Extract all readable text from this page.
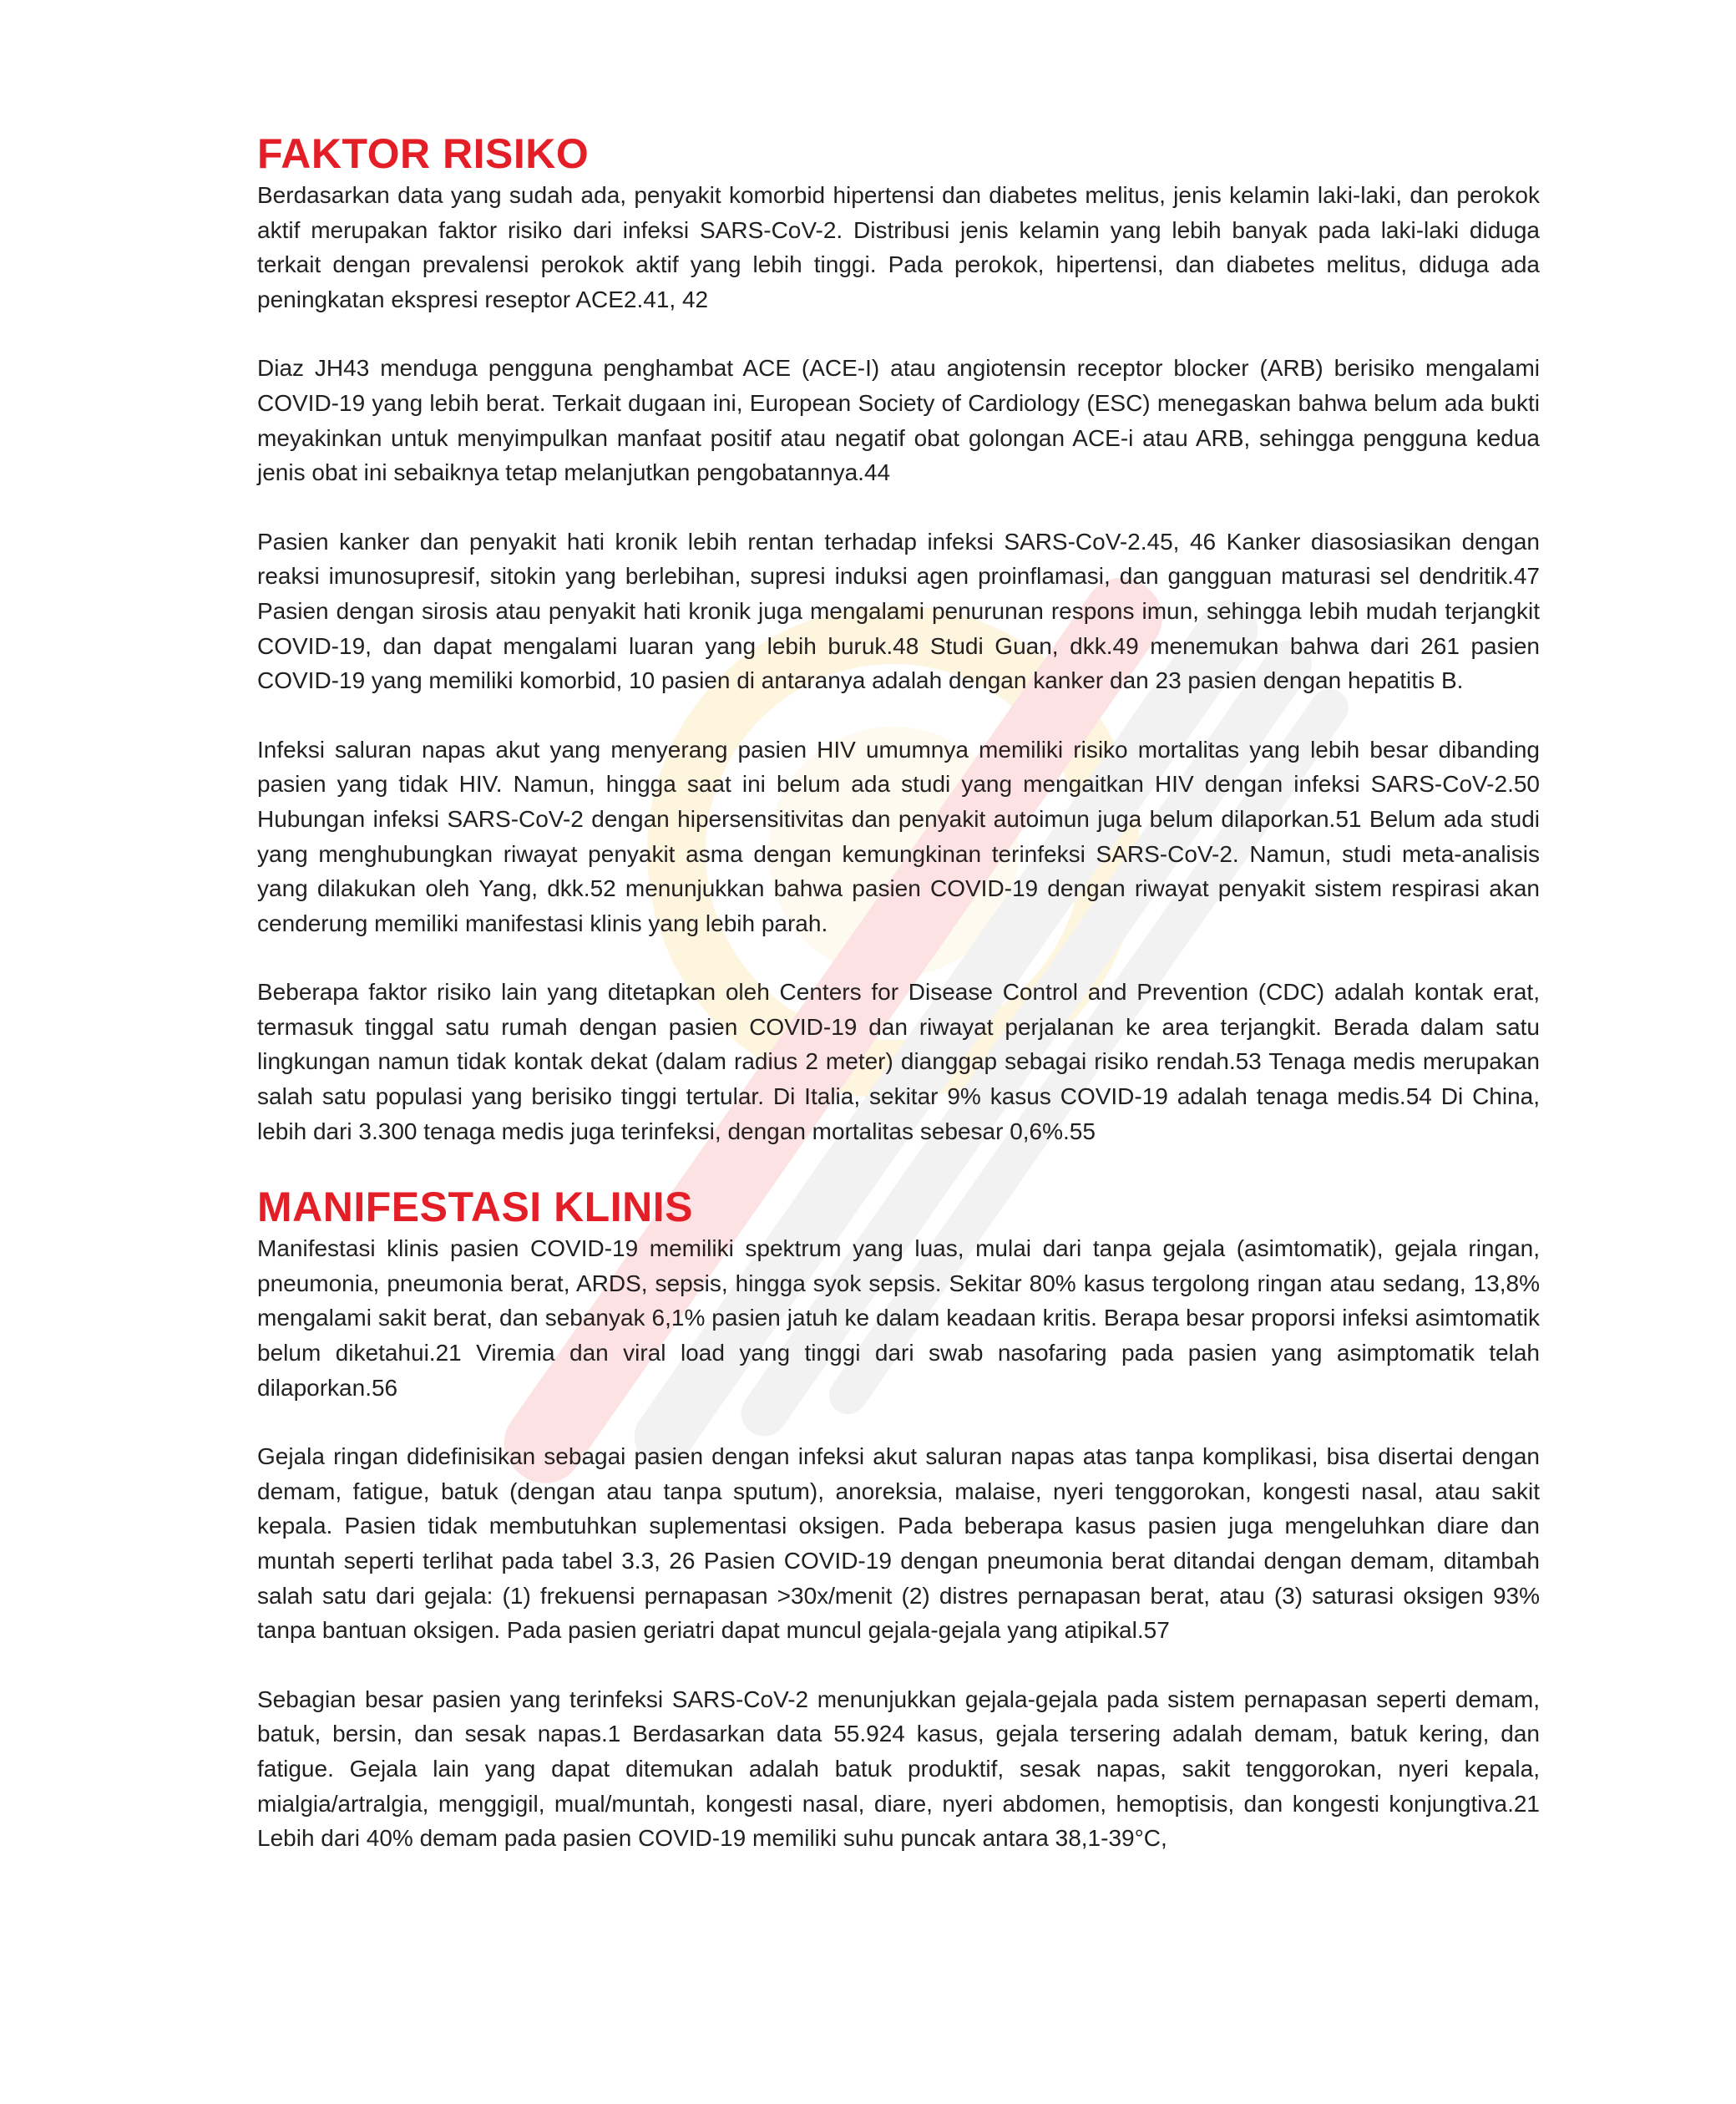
FAKTOR RISIKO

Berdasarkan data yang sudah ada, penyakit komorbid hipertensi dan diabetes melitus, jenis kelamin laki-laki, dan perokok aktif merupakan faktor risiko dari infeksi SARS-CoV-2. Distribusi jenis kelamin yang lebih banyak pada laki-laki diduga terkait dengan prevalensi perokok aktif yang lebih tinggi. Pada perokok, hipertensi, dan diabetes melitus, diduga ada peningkatan ekspresi reseptor ACE2.41, 42

Diaz JH43 menduga pengguna penghambat ACE (ACE-I) atau angiotensin receptor blocker (ARB) berisiko mengalami COVID-19 yang lebih berat. Terkait dugaan ini, European Society of Cardiology (ESC) menegaskan bahwa belum ada bukti meyakinkan untuk menyimpulkan manfaat positif atau negatif obat golongan ACE-i atau ARB, sehingga pengguna kedua jenis obat ini sebaiknya tetap melanjutkan pengobatannya.44

Pasien kanker dan penyakit hati kronik lebih rentan terhadap infeksi SARS-CoV-2.45, 46 Kanker diasosiasikan dengan reaksi imunosupresif, sitokin yang berlebihan, supresi induksi agen proinflamasi, dan gangguan maturasi sel dendritik.47 Pasien dengan sirosis atau penyakit hati kronik juga mengalami penurunan respons imun, sehingga lebih mudah terjangkit COVID-19, dan dapat mengalami luaran yang lebih buruk.48 Studi Guan, dkk.49 menemukan bahwa dari 261 pasien COVID-19 yang memiliki komorbid, 10 pasien di antaranya adalah dengan kanker dan 23 pasien dengan hepatitis B.

Infeksi saluran napas akut yang menyerang pasien HIV umumnya memiliki risiko mortalitas yang lebih besar dibanding pasien yang tidak HIV. Namun, hingga saat ini belum ada studi yang mengaitkan HIV dengan infeksi SARS-CoV-2.50 Hubungan infeksi SARS-CoV-2 dengan hipersensitivitas dan penyakit autoimun juga belum dilaporkan.51 Belum ada studi yang menghubungkan riwayat penyakit asma dengan kemungkinan terinfeksi SARS-CoV-2. Namun, studi meta-analisis yang dilakukan oleh Yang, dkk.52 menunjukkan bahwa pasien COVID-19 dengan riwayat penyakit sistem respirasi akan cenderung memiliki manifestasi klinis yang lebih parah.

Beberapa faktor risiko lain yang ditetapkan oleh Centers for Disease Control and Prevention (CDC) adalah kontak erat, termasuk tinggal satu rumah dengan pasien COVID-19 dan riwayat perjalanan ke area terjangkit. Berada dalam satu lingkungan namun tidak kontak dekat (dalam radius 2 meter) dianggap sebagai risiko rendah.53 Tenaga medis merupakan salah satu populasi yang berisiko tinggi tertular. Di Italia, sekitar 9% kasus COVID-19 adalah tenaga medis.54 Di China, lebih dari 3.300 tenaga medis juga terinfeksi, dengan mortalitas sebesar 0,6%.55

MANIFESTASI KLINIS

Manifestasi klinis pasien COVID-19 memiliki spektrum yang luas, mulai dari tanpa gejala (asimtomatik), gejala ringan, pneumonia, pneumonia berat, ARDS, sepsis, hingga syok sepsis. Sekitar 80% kasus tergolong ringan atau sedang, 13,8% mengalami sakit berat, dan sebanyak 6,1% pasien jatuh ke dalam keadaan kritis. Berapa besar proporsi infeksi asimtomatik belum diketahui.21 Viremia dan viral load yang tinggi dari swab nasofaring pada pasien yang asimptomatik telah dilaporkan.56

Gejala ringan didefinisikan sebagai pasien dengan infeksi akut saluran napas atas tanpa komplikasi, bisa disertai dengan demam, fatigue, batuk (dengan atau tanpa sputum), anoreksia, malaise, nyeri tenggorokan, kongesti nasal, atau sakit kepala. Pasien tidak membutuhkan suplementasi oksigen. Pada beberapa kasus pasien juga mengeluhkan diare dan muntah seperti terlihat pada tabel 3.3, 26 Pasien COVID-19 dengan pneumonia berat ditandai dengan demam, ditambah salah satu dari gejala: (1) frekuensi pernapasan >30x/menit (2) distres pernapasan berat, atau (3) saturasi oksigen 93% tanpa bantuan oksigen. Pada pasien geriatri dapat muncul gejala-gejala yang atipikal.57

Sebagian besar pasien yang terinfeksi SARS-CoV-2 menunjukkan gejala-gejala pada sistem pernapasan seperti demam, batuk, bersin, dan sesak napas.1 Berdasarkan data 55.924 kasus, gejala tersering adalah demam, batuk kering, dan fatigue. Gejala lain yang dapat ditemukan adalah batuk produktif, sesak napas, sakit tenggorokan, nyeri kepala, mialgia/artralgia, menggigil, mual/muntah, kongesti nasal, diare, nyeri abdomen, hemoptisis, dan kongesti konjungtiva.21 Lebih dari 40% demam pada pasien COVID-19 memiliki suhu puncak antara 38,1-39°C,
